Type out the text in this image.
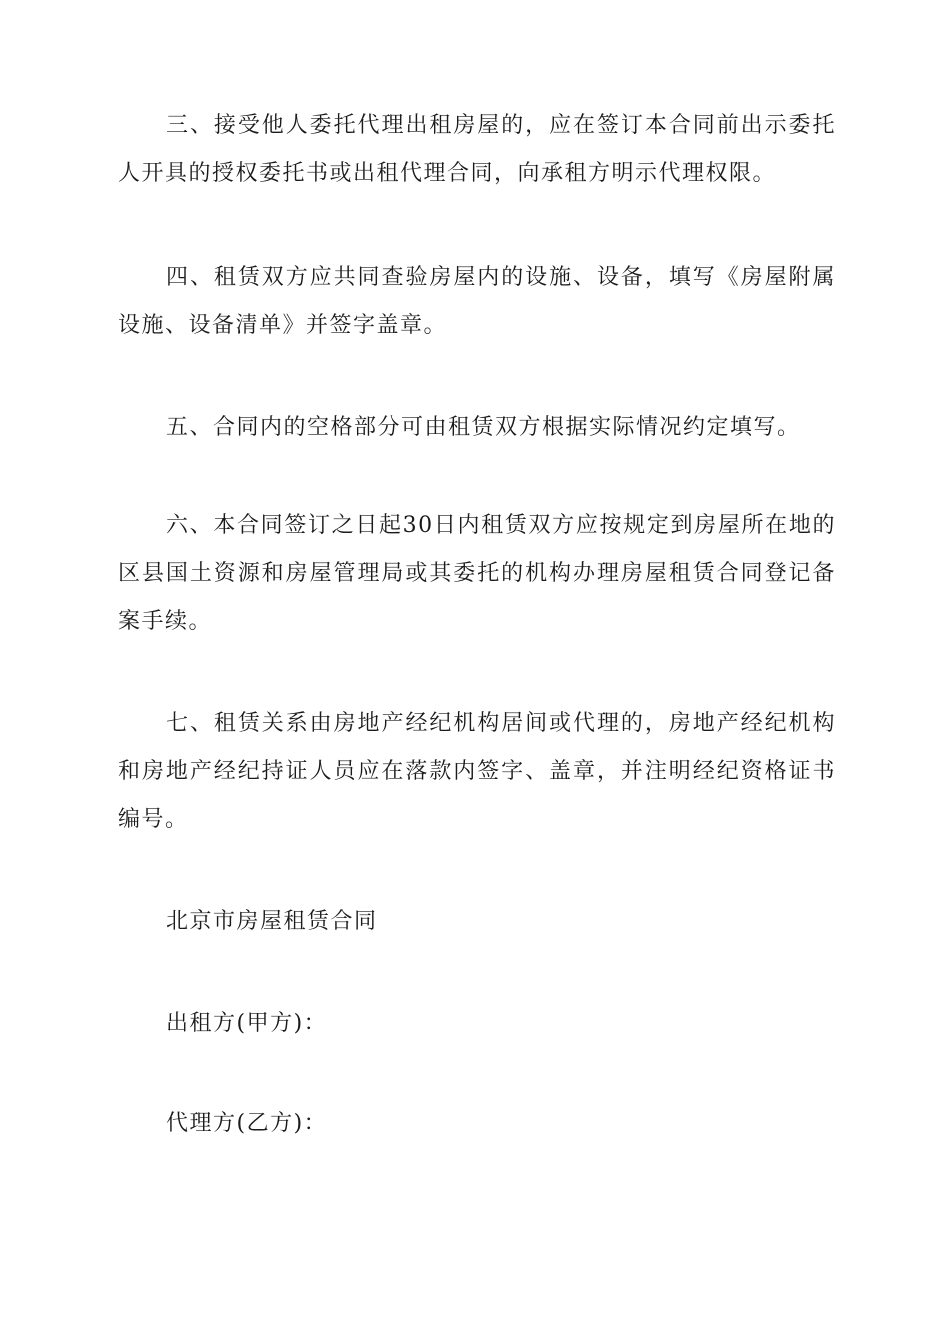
三、接受他人委托代理出租房屋的，应在签订本合同前出示委托人开具的授权委托书或出租代理合同，向承租方明示代理权限。

四、租赁双方应共同查验房屋内的设施、设备，填写《房屋附属设施、设备清单》并签字盖章。

五、合同内的空格部分可由租赁双方根据实际情况约定填写。

六、本合同签订之日起30日内租赁双方应按规定到房屋所在地的区县国土资源和房屋管理局或其委托的机构办理房屋租赁合同登记备案手续。

七、租赁关系由房地产经纪机构居间或代理的，房地产经纪机构和房地产经纪持证人员应在落款内签字、盖章，并注明经纪资格证书编号。

北京市房屋租赁合同
出租方(甲方)：
代理方(乙方)：
